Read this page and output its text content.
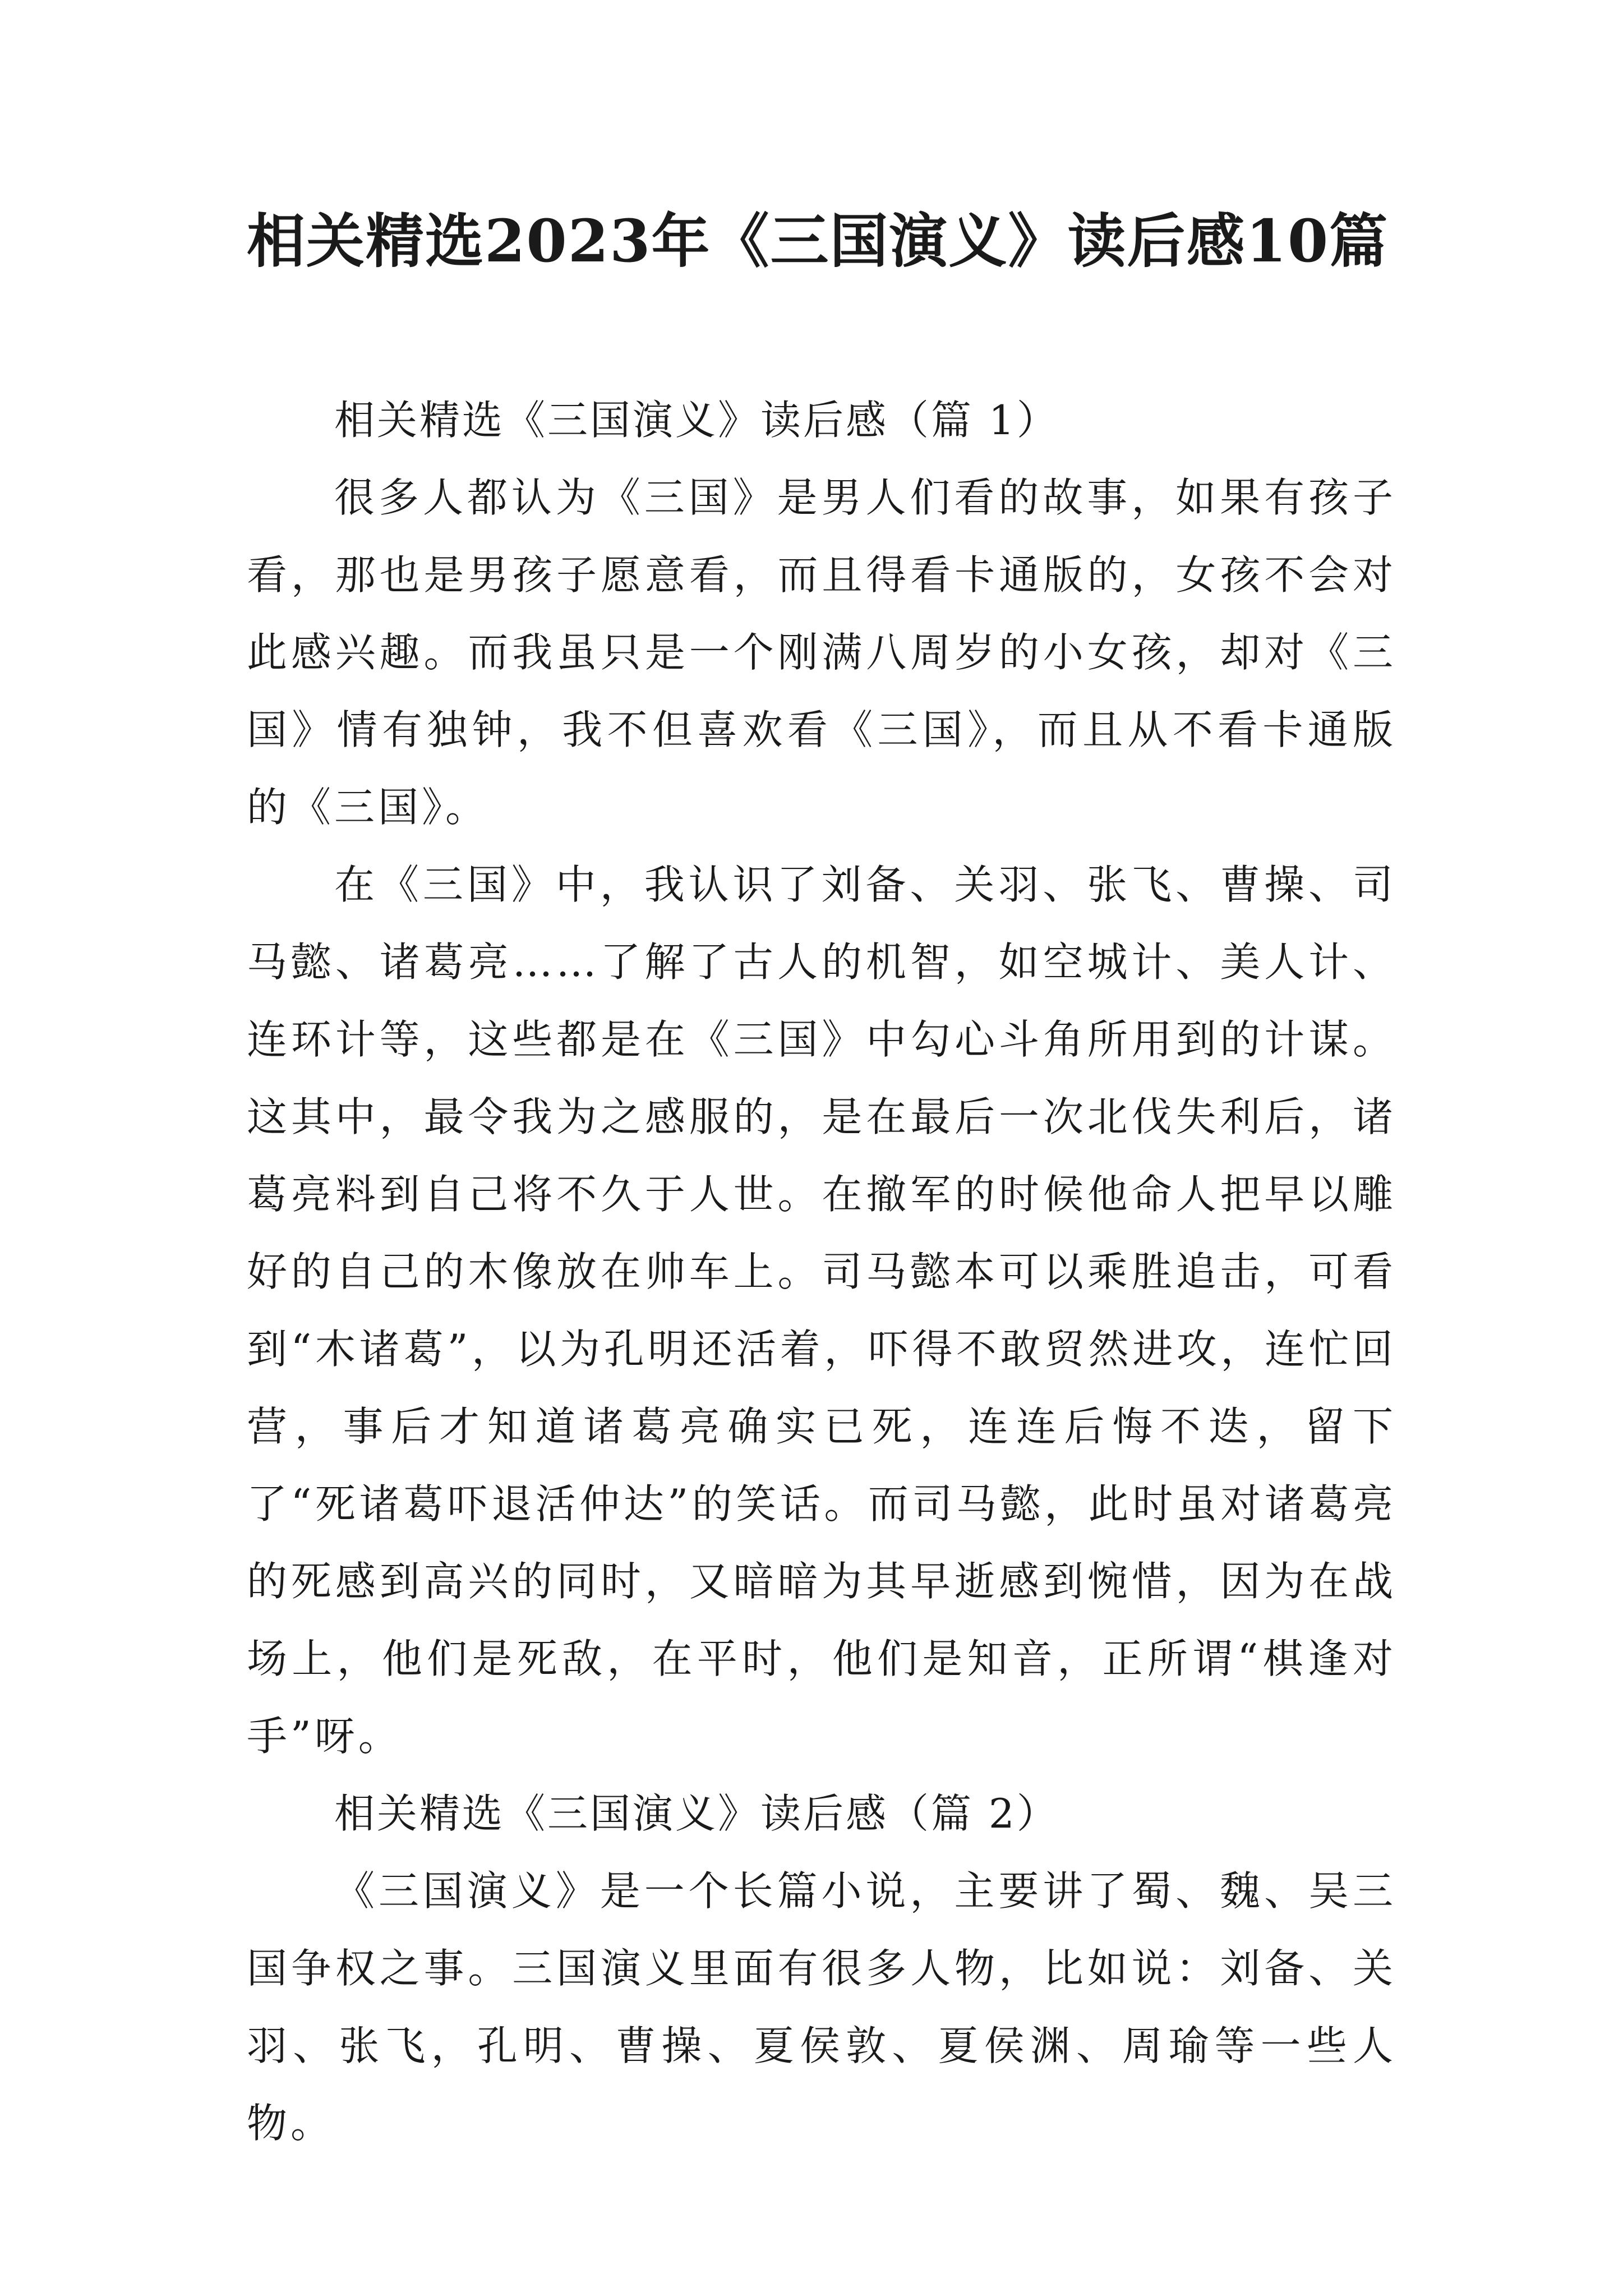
相关精选2023年《三国演义》读后感10篇

相关精选《三国演义》读后感（篇 1）

很多人都认为《三国》是男人们看的故事，如果有孩子看，那也是男孩子愿意看，而且得看卡通版的，女孩不会对此感兴趣。而我虽只是一个刚满八周岁的小女孩，却对《三国》情有独钟，我不但喜欢看《三国》，而且从不看卡通版的《三国》。

在《三国》中，我认识了刘备、关羽、张飞、曹操、司马懿、诸葛亮……了解了古人的机智，如空城计、美人计、连环计等，这些都是在《三国》中勾心斗角所用到的计谋。这其中，最令我为之感服的，是在最后一次北伐失利后，诸葛亮料到自己将不久于人世。在撤军的时候他命人把早以雕好的自己的木像放在帅车上。司马懿本可以乘胜追击，可看到“木诸葛”，以为孔明还活着，吓得不敢贸然进攻，连忙回营，事后才知道诸葛亮确实已死，连连后悔不迭，留下了“死诸葛吓退活仲达”的笑话。而司马懿，此时虽对诸葛亮的死感到高兴的同时，又暗暗为其早逝感到惋惜，因为在战场上，他们是死敌，在平时，他们是知音，正所谓“棋逢对手”呀。

相关精选《三国演义》读后感（篇 2）

《三国演义》是一个长篇小说，主要讲了蜀、魏、吴三国争权之事。三国演义里面有很多人物，比如说：刘备、关羽、张飞，孔明、曹操、夏侯敦、夏侯渊、周瑜等一些人物。
